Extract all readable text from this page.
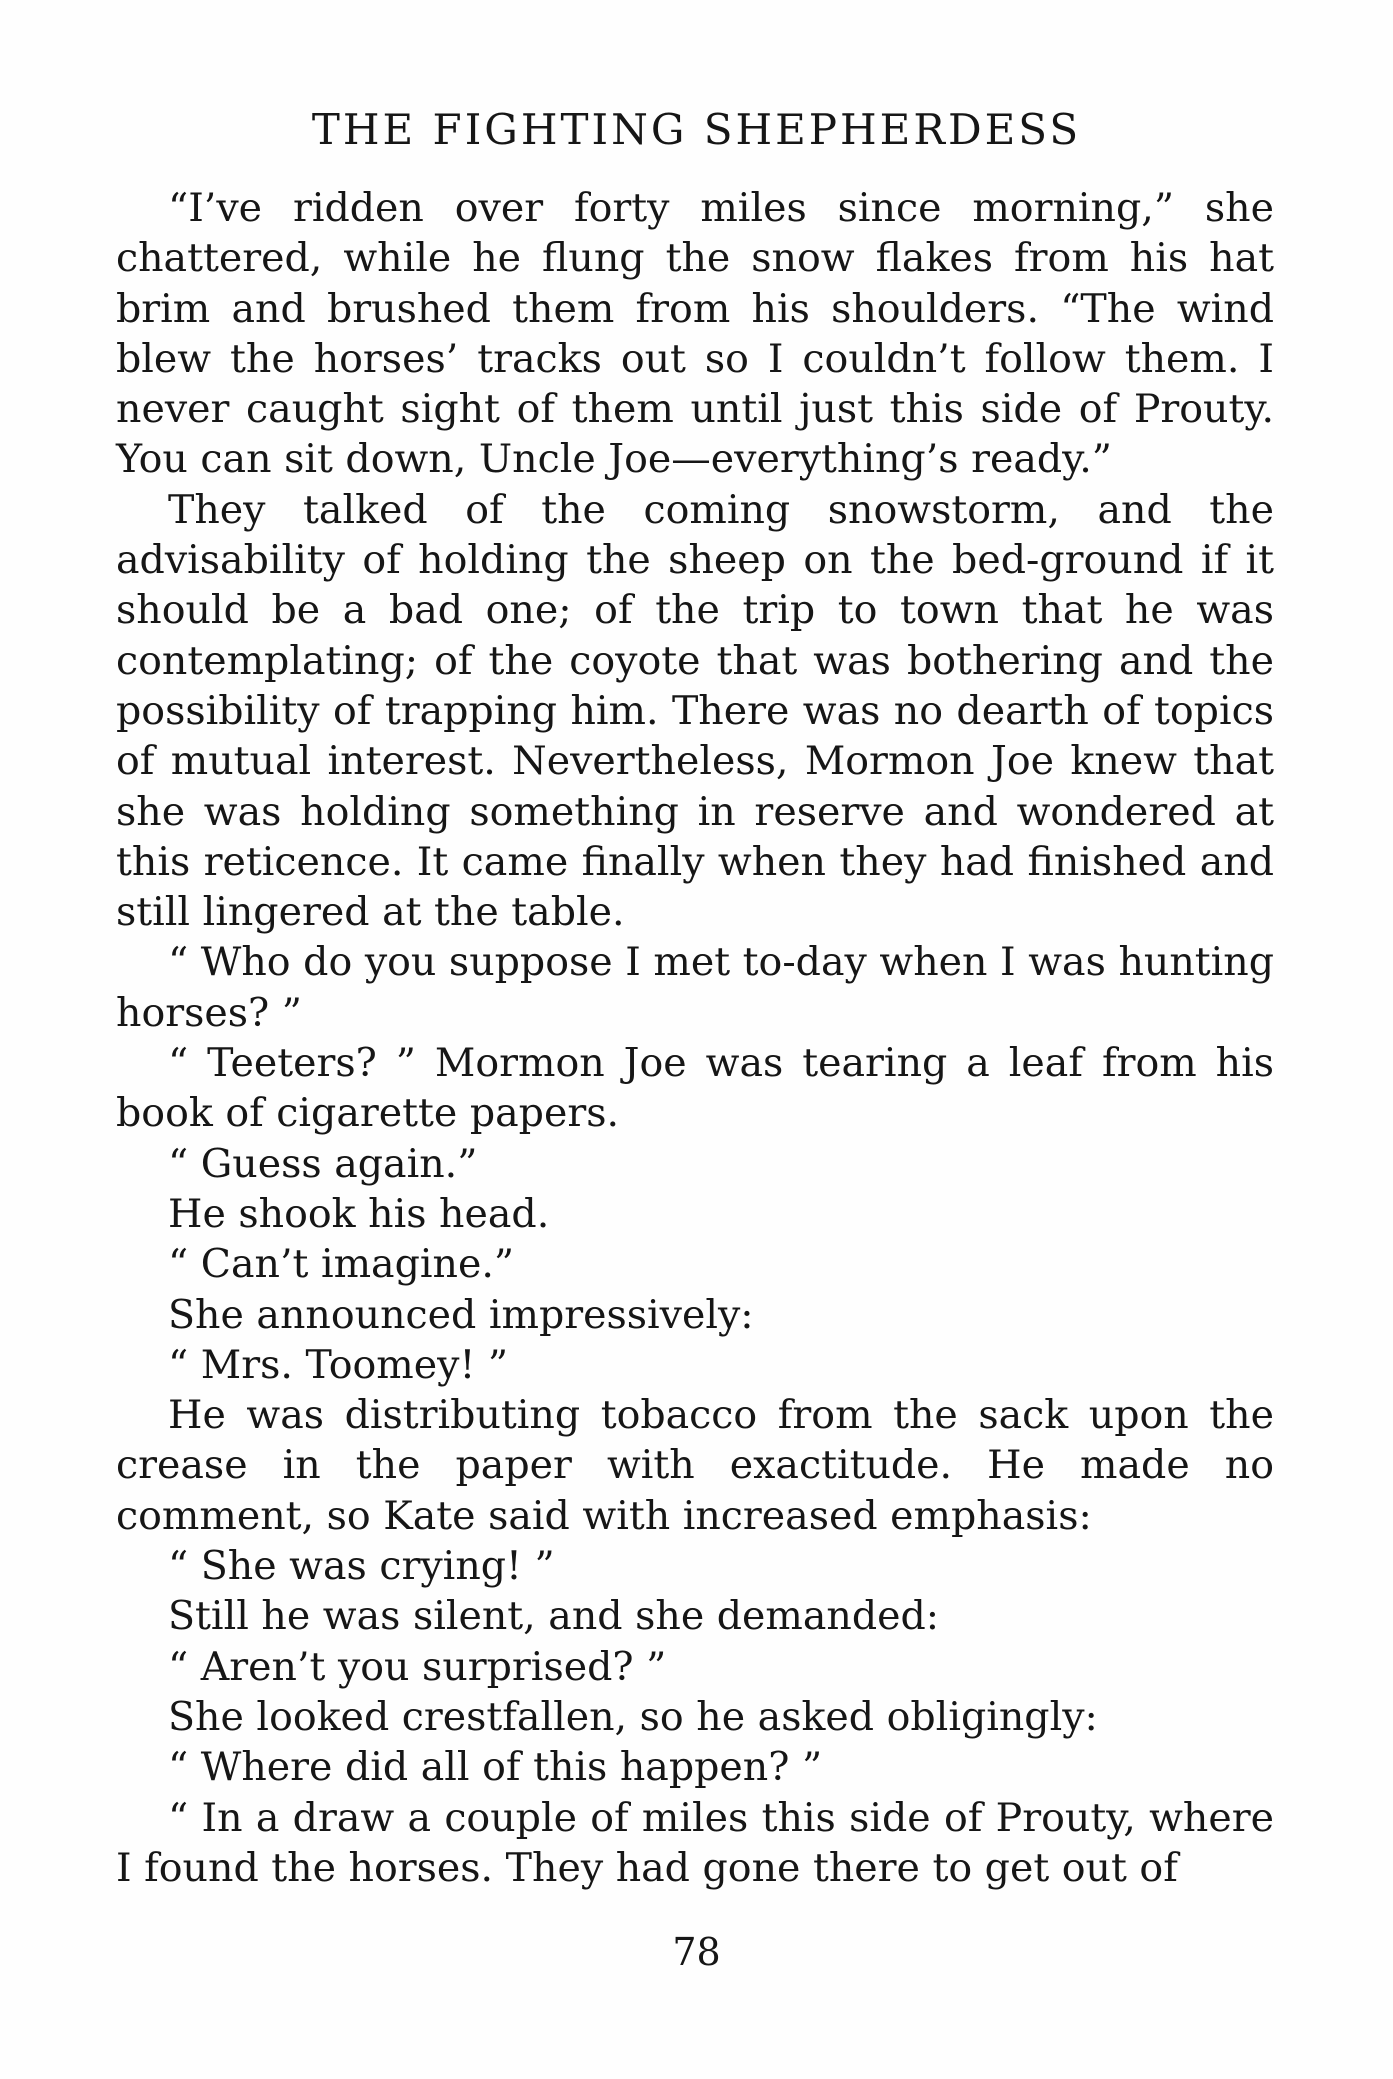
THE FIGHTING SHEPHERDESS

“I’ve ridden over forty miles since morning,” she chattered, while he flung the snow flakes from his hat brim and brushed them from his shoulders. “The wind blew the horses’ tracks out so I couldn’t follow them. I never caught sight of them until just this side of Prouty. You can sit down, Uncle Joe—everything’s ready.”

They talked of the coming snowstorm, and the advisability of holding the sheep on the bed-ground if it should be a bad one; of the trip to town that he was contemplating; of the coyote that was bothering and the possibility of trapping him. There was no dearth of topics of mutual interest. Nevertheless, Mormon Joe knew that she was holding something in reserve and wondered at this reticence. It came finally when they had finished and still lingered at the table.

“ Who do you suppose I met to-day when I was hunting horses? ”

“ Teeters? ” Mormon Joe was tearing a leaf from his book of cigarette papers.

“ Guess again.”

He shook his head.

“ Can’t imagine.”

She announced impressively:

“ Mrs. Toomey! ”

He was distributing tobacco from the sack upon the crease in the paper with exactitude. He made no comment, so Kate said with increased emphasis:

“ She was crying! ”

Still he was silent, and she demanded:

“ Aren’t you surprised? ”

She looked crestfallen, so he asked obligingly:

“ Where did all of this happen? ”

“ In a draw a couple of miles this side of Prouty, where I found the horses. They had gone there to get out of

78
